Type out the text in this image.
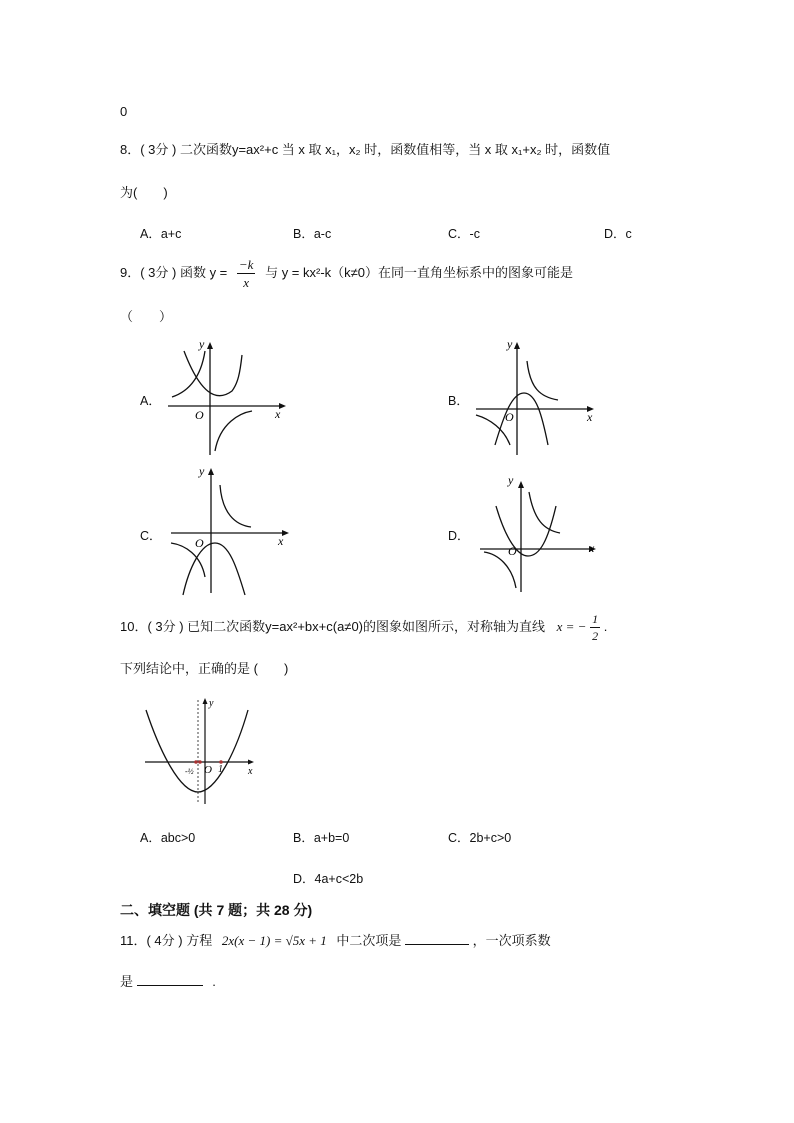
0
8．( 3分 ) 二次函数y=ax²+c 当 x 取 x₁，x₂ 时，函数值相等，当 x 取 x₁+x₂ 时，函数值
为(　　)
A．a+c	B．a-c	C．-c	D．c
9．( 3分 ) 函数 $y = \frac{-k}{x}$ 与 y = kx²-k（k≠0）在同一直角坐标系中的图象可能是
（　　）
A．
y
x
O
B．
y
x
O
C．
y
x
O	D．
y
x
O
10．( 3分 ) 已知二次函数y=ax²+bx+c(a≠0)的图象如图所示，对称轴为直线 x = − $\frac{1}{2}$ .
下列结论中，正确的是 (　　)
y
x
O 1
-½
A．abc>0	B．a+b=0	C．2b+c>0
D．4a+c<2b
二、填空题 (共 7 题；共 28 分)
11．( 4分 ) 方程 2x(x − 1) = √5x + 1 中二次项是	，一次项系数
是	.
